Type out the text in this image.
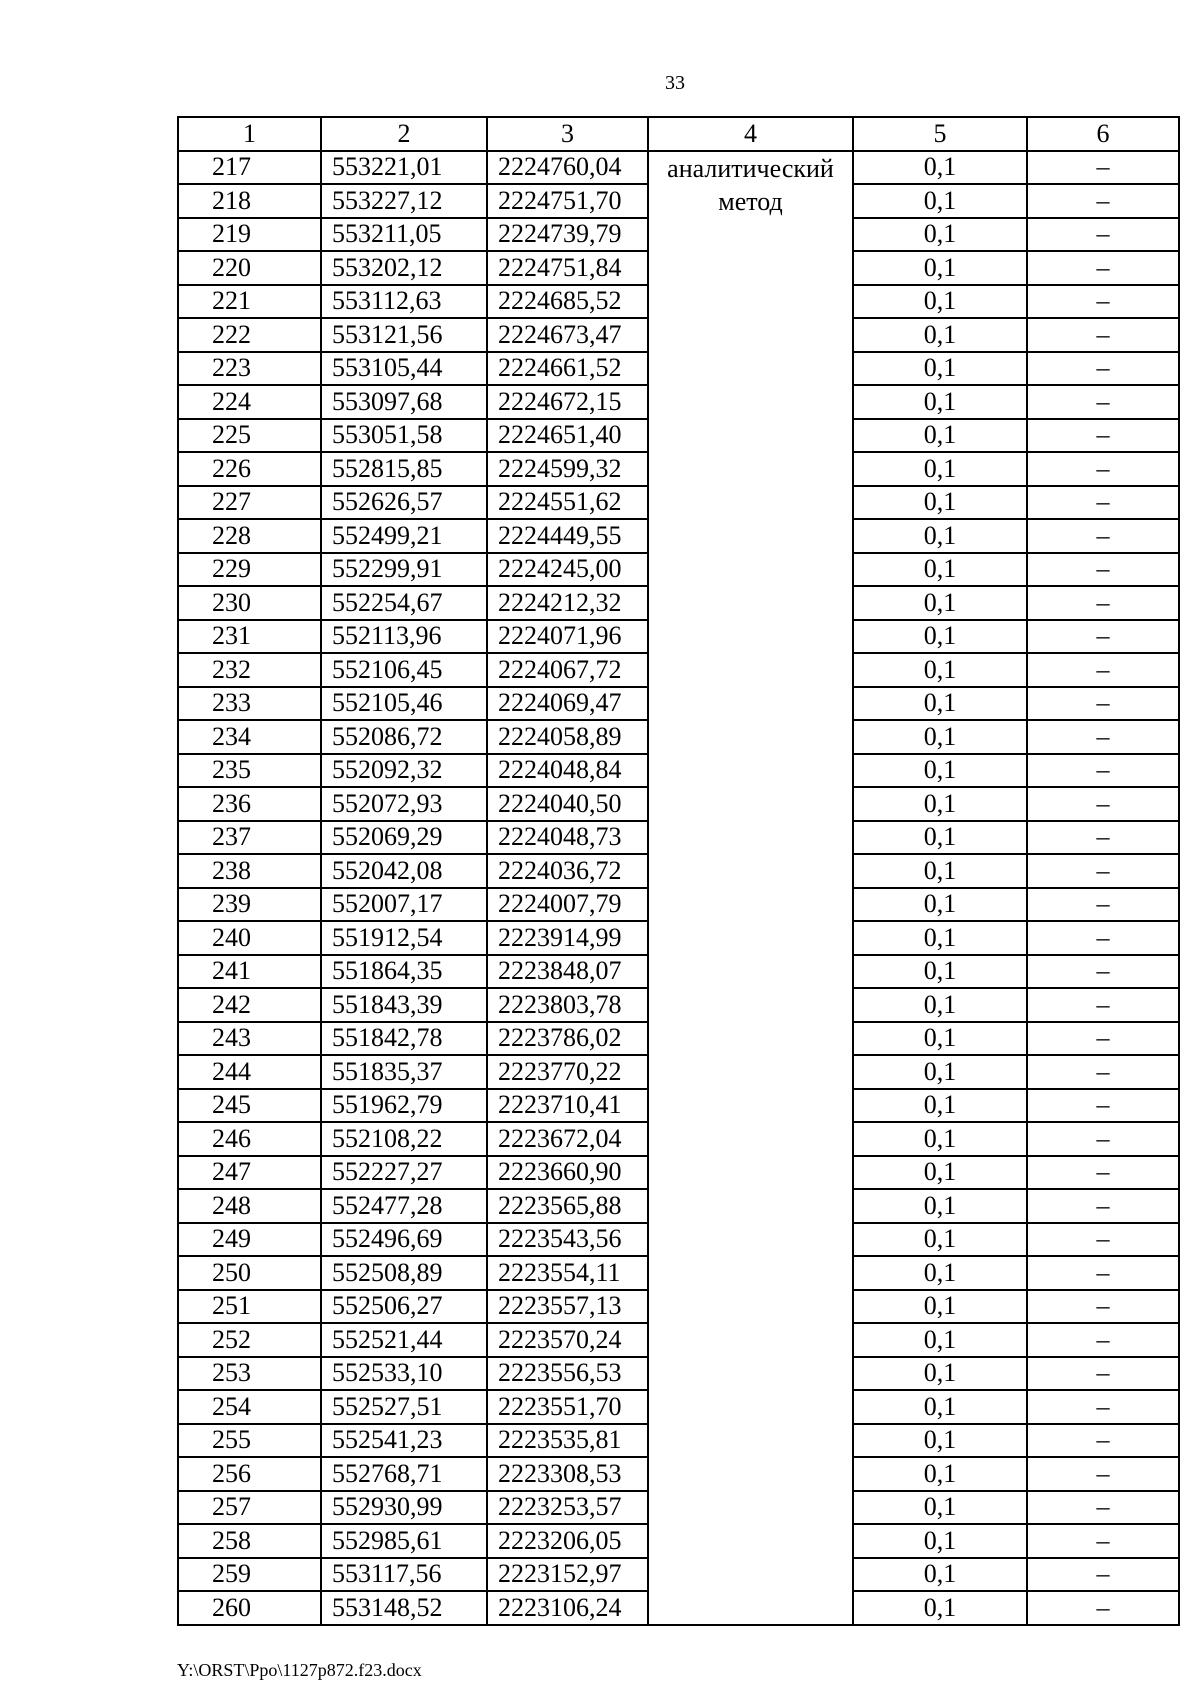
33
1	2	3	4	5	6
217	553221,01	2224760,04	аналитический метод	0,1	–
218	553227,12	2224751,70		0,1	–
219	553211,05	2224739,79		0,1	–
220	553202,12	2224751,84		0,1	–
221	553112,63	2224685,52		0,1	–
222	553121,56	2224673,47		0,1	–
223	553105,44	2224661,52		0,1	–
224	553097,68	2224672,15		0,1	–
225	553051,58	2224651,40		0,1	–
226	552815,85	2224599,32		0,1	–
227	552626,57	2224551,62		0,1	–
228	552499,21	2224449,55		0,1	–
229	552299,91	2224245,00		0,1	–
230	552254,67	2224212,32		0,1	–
231	552113,96	2224071,96		0,1	–
232	552106,45	2224067,72		0,1	–
233	552105,46	2224069,47		0,1	–
234	552086,72	2224058,89		0,1	–
235	552092,32	2224048,84		0,1	–
236	552072,93	2224040,50		0,1	–
237	552069,29	2224048,73		0,1	–
238	552042,08	2224036,72		0,1	–
239	552007,17	2224007,79		0,1	–
240	551912,54	2223914,99		0,1	–
241	551864,35	2223848,07		0,1	–
242	551843,39	2223803,78		0,1	–
243	551842,78	2223786,02		0,1	–
244	551835,37	2223770,22		0,1	–
245	551962,79	2223710,41		0,1	–
246	552108,22	2223672,04		0,1	–
247	552227,27	2223660,90		0,1	–
248	552477,28	2223565,88		0,1	–
249	552496,69	2223543,56		0,1	–
250	552508,89	2223554,11		0,1	–
251	552506,27	2223557,13		0,1	–
252	552521,44	2223570,24		0,1	–
253	552533,10	2223556,53		0,1	–
254	552527,51	2223551,70		0,1	–
255	552541,23	2223535,81		0,1	–
256	552768,71	2223308,53		0,1	–
257	552930,99	2223253,57		0,1	–
258	552985,61	2223206,05		0,1	–
259	553117,56	2223152,97		0,1	–
260	553148,52	2223106,24		0,1	–
Y:\ORST\Ppo\1127p872.f23.docx
